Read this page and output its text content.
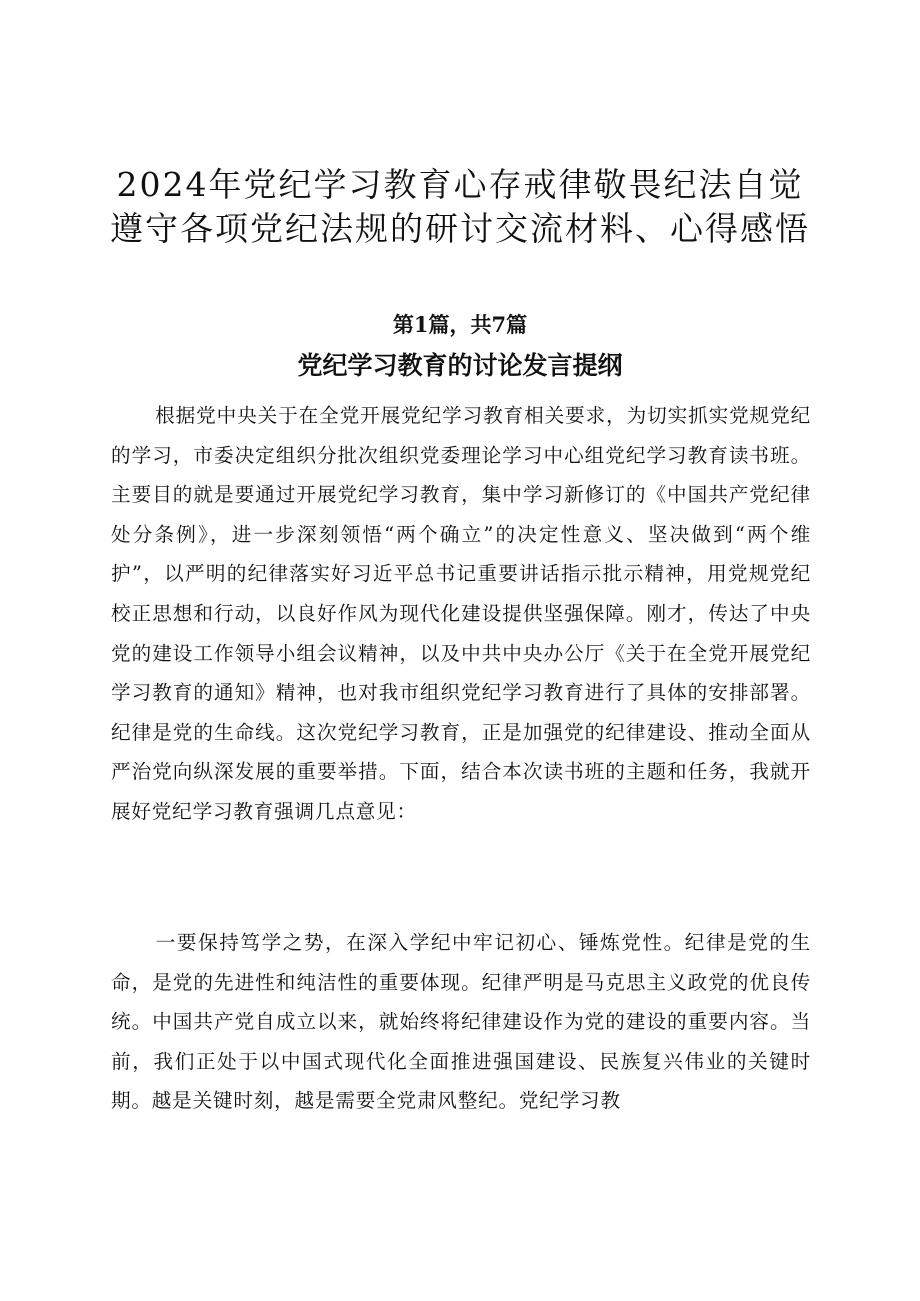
2024年党纪学习教育心存戒律敬畏纪法自觉
遵守各项党纪法规的研讨交流材料、心得感悟
第1篇，共7篇
党纪学习教育的讨论发言提纲
根据党中央关于在全党开展党纪学习教育相关要求，为切实抓实党规党纪的学习，市委决定组织分批次组织党委理论学习中心组党纪学习教育读书班。主要目的就是要通过开展党纪学习教育，集中学习新修订的《中国共产党纪律处分条例》，进一步深刻领悟“两个确立”的决定性意义、坚决做到“两个维护”，以严明的纪律落实好习近平总书记重要讲话指示批示精神，用党规党纪校正思想和行动，以良好作风为现代化建设提供坚强保障。刚才，传达了中央党的建设工作领导小组会议精神，以及中共中央办公厅《关于在全党开展党纪学习教育的通知》精神，也对我市组织党纪学习教育进行了具体的安排部署。纪律是党的生命线。这次党纪学习教育，正是加强党的纪律建设、推动全面从严治党向纵深发展的重要举措。下面，结合本次读书班的主题和任务，我就开展好党纪学习教育强调几点意见：
一要保持笃学之势，在深入学纪中牢记初心、锤炼党性。纪律是党的生命，是党的先进性和纯洁性的重要体现。纪律严明是马克思主义政党的优良传统。中国共产党自成立以来，就始终将纪律建设作为党的建设的重要内容。当前，我们正处于以中国式现代化全面推进强国建设、民族复兴伟业的关键时期。越是关键时刻，越是需要全党肃风整纪。党纪学习教
